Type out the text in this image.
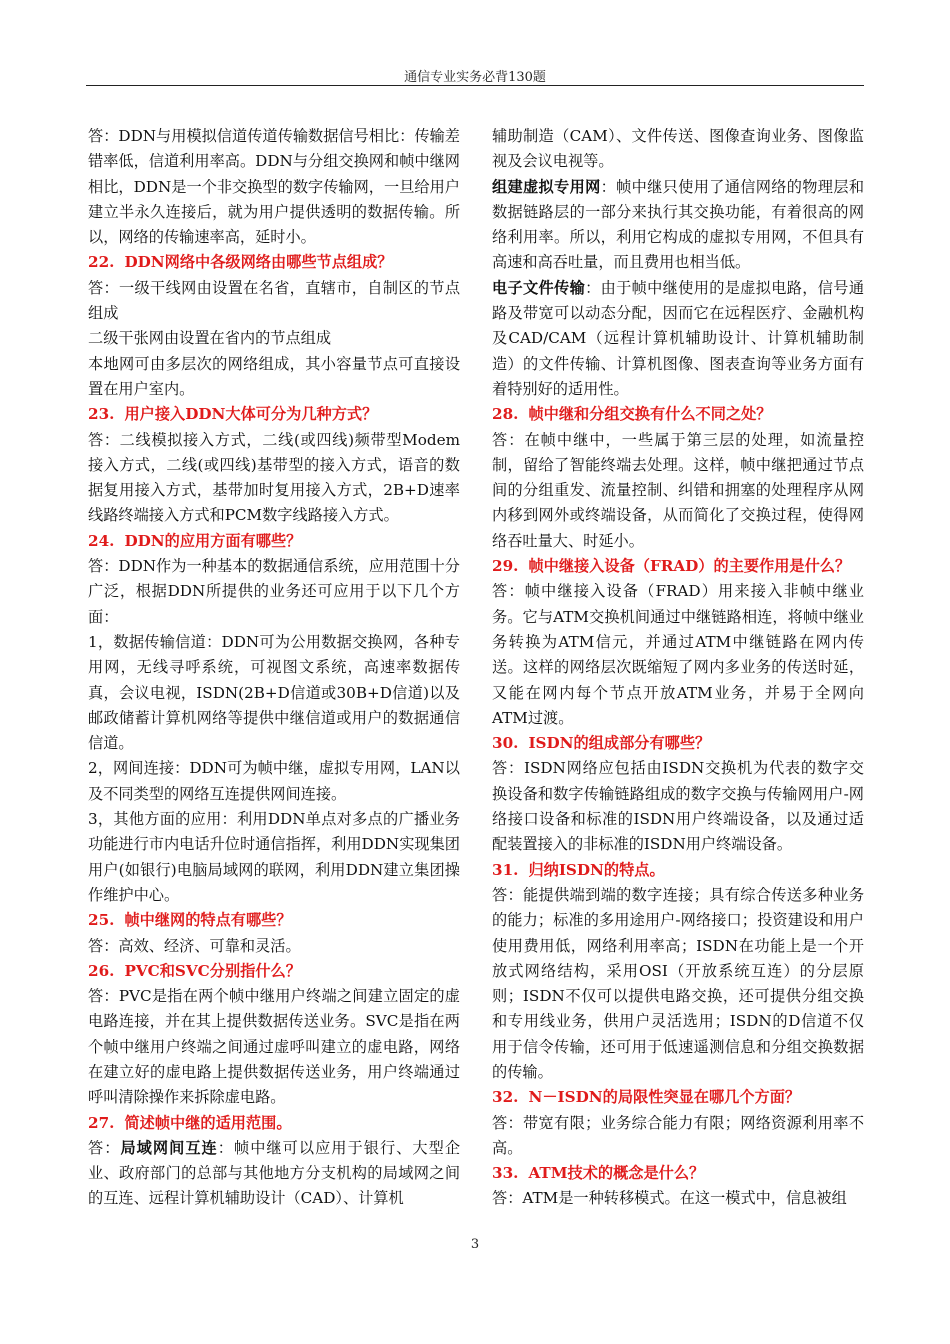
通信专业实务必背130题

答：DDN与用模拟信道传道传输数据信号相比：传输差错率低，信道利用率高。DDN与分组交换网和帧中继网相比，DDN是一个非交换型的数字传输网，一旦给用户建立半永久连接后，就为用户提供透明的数据传输。所以，网络的传输速率高，延时小。

22. DDN网络中各级网络由哪些节点组成？

答：一级干线网由设置在名省，直辖市，自制区的节点组成

二级干张网由设置在省内的节点组成

本地网可由多层次的网络组成，其小容量节点可直接设置在用户室内。

23. 用户接入DDN大体可分为几种方式？

答：二线模拟接入方式，二线(或四线)频带型Modem接入方式，二线(或四线)基带型的接入方式，语音的数据复用接入方式，基带加时复用接入方式，2B+D速率线路终端接入方式和PCM数字线路接入方式。

24. DDN的应用方面有哪些？

答：DDN作为一种基本的数据通信系统，应用范围十分广泛，根据DDN所提供的业务还可应用于以下几个方面：

1，数据传输信道：DDN可为公用数据交换网，各种专用网，无线寻呼系统，可视图文系统，高速率数据传真，会议电视，ISDN(2B+D信道或30B+D信道)以及邮政储蓄计算机网络等提供中继信道或用户的数据通信信道。

2，网间连接：DDN可为帧中继，虚拟专用网，LAN以及不同类型的网络互连提供网间连接。

3，其他方面的应用：利用DDN单点对多点的广播业务功能进行市内电话升位时通信指挥，利用DDN实现集团用户(如银行)电脑局域网的联网，利用DDN建立集团操作维护中心。

25. 帧中继网的特点有哪些？

答：高效、经济、可靠和灵活。

26. PVC和SVC分别指什么？

答：PVC是指在两个帧中继用户终端之间建立固定的虚电路连接，并在其上提供数据传送业务。SVC是指在两个帧中继用户终端之间通过虚呼叫建立的虚电路，网络在建立好的虚电路上提供数据传送业务，用户终端通过呼叫清除操作来拆除虚电路。

27. 简述帧中继的适用范围。

答：局域网间互连：帧中继可以应用于银行、大型企业、政府部门的总部与其他地方分支机构的局域网之间的互连、远程计算机辅助设计（CAD）、计算机

辅助制造（CAM）、文件传送、图像查询业务、图像监视及会议电视等。

组建虚拟专用网：帧中继只使用了通信网络的物理层和数据链路层的一部分来执行其交换功能，有着很高的网络利用率。所以，利用它构成的虚拟专用网，不但具有高速和高吞吐量，而且费用也相当低。

电子文件传输：由于帧中继使用的是虚拟电路，信号通路及带宽可以动态分配，因而它在远程医疗、金融机构及CAD/CAM（远程计算机辅助设计、计算机辅助制造）的文件传输、计算机图像、图表查询等业务方面有着特别好的适用性。

28. 帧中继和分组交换有什么不同之处？

答：在帧中继中，一些属于第三层的处理，如流量控制，留给了智能终端去处理。这样，帧中继把通过节点间的分组重发、流量控制、纠错和拥塞的处理程序从网内移到网外或终端设备，从而简化了交换过程，使得网络吞吐量大、时延小。

29. 帧中继接入设备（FRAD）的主要作用是什么？

答：帧中继接入设备（FRAD）用来接入非帧中继业务。它与ATM交换机间通过中继链路相连，将帧中继业务转换为ATM信元，并通过ATM中继链路在网内传送。这样的网络层次既缩短了网内多业务的传送时延，又能在网内每个节点开放ATM业务，并易于全网向ATM过渡。

30. ISDN的组成部分有哪些？

答：ISDN网络应包括由ISDN交换机为代表的数字交换设备和数字传输链路组成的数字交换与传输网用户-网络接口设备和标准的ISDN用户终端设备，以及通过适配装置接入的非标准的ISDN用户终端设备。

31. 归纳ISDN的特点。

答：能提供端到端的数字连接；具有综合传送多种业务的能力；标准的多用途用户-网络接口；投资建设和用户使用费用低，网络利用率高；ISDN在功能上是一个开放式网络结构，采用OSI（开放系统互连）的分层原则；ISDN不仅可以提供电路交换，还可提供分组交换和专用线业务，供用户灵活选用；ISDN的D信道不仅用于信令传输，还可用于低速遥测信息和分组交换数据的传输。

32. N－ISDN的局限性突显在哪几个方面？

答：带宽有限；业务综合能力有限；网络资源利用率不高。

33. ATM技术的概念是什么？

答：ATM是一种转移模式。在这一模式中，信息被组

3
